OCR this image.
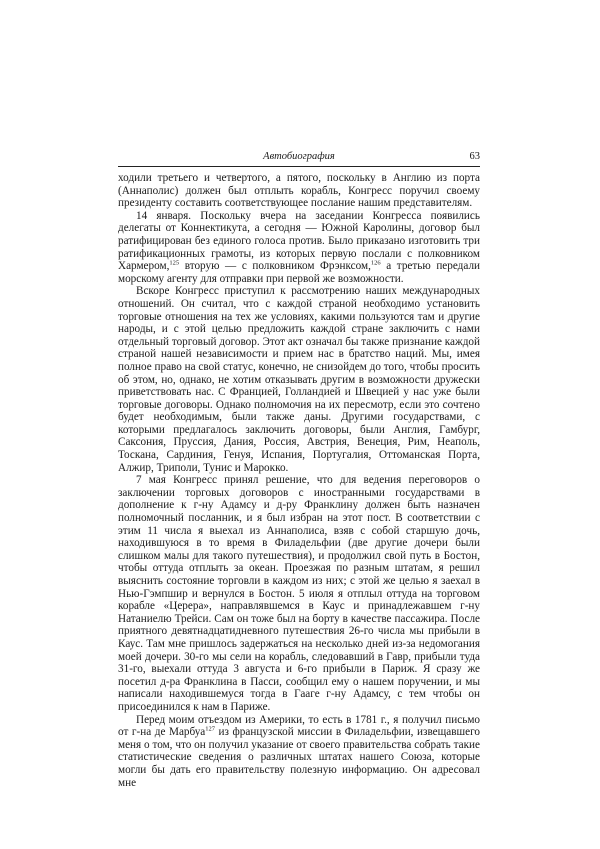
Автобиография	63

ходили третьего и четвертого, а пятого, поскольку в Англию из порта (Аннаполис) должен был отплыть корабль, Конгресс поручил своему президенту составить соответствующее послание нашим представителям.

14 января. Поскольку вчера на заседании Конгресса появились делегаты от Коннектикута, а сегодня — Южной Каролины, договор был ратифицирован без единого голоса против. Было приказано изготовить три ратификационных грамоты, из которых первую послали с полковником Хармером,$^{125}$ вторую — с полковником Фрэнксом,$^{126}$ а третью передали морскому агенту для отправки при первой же возможности.

Вскоре Конгресс приступил к рассмотрению наших международных отношений. Он считал, что с каждой страной необходимо установить торговые отношения на тех же условиях, какими пользуются там и другие народы, и с этой целью предложить каждой стране заключить с нами отдельный торговый договор. Этот акт означал бы также признание каждой страной нашей независимости и прием нас в братство наций. Мы, имея полное право на свой статус, конечно, не снизойдем до того, чтобы просить об этом, но, однако, не хотим отказывать другим в возможности дружески приветствовать нас. С Францией, Голландией и Швецией у нас уже были торговые договоры. Однако полномочия на их пересмотр, если это сочтено будет необходимым, были также даны. Другими государствами, с которыми предлагалось заключить договоры, были Англия, Гамбург, Саксония, Пруссия, Дания, Россия, Австрия, Венеция, Рим, Неаполь, Тоскана, Сардиния, Генуя, Испания, Португалия, Оттоманская Порта, Алжир, Триполи, Тунис и Марокко.

7 мая Конгресс принял решение, что для ведения переговоров о заключении торговых договоров с иностранными государствами в дополнение к г-ну Адамсу и д-ру Франклину должен быть назначен полномочный посланник, и я был избран на этот пост. В соответствии с этим 11 числа я выехал из Аннаполиса, взяв с собой старшую дочь, находившуюся в то время в Филадельфии (две другие дочери были слишком малы для такого путешествия), и продолжил свой путь в Бостон, чтобы оттуда отплыть за океан. Проезжая по разным штатам, я решил выяснить состояние торговли в каждом из них; с этой же целью я заехал в Нью-Гэмпшир и вернулся в Бостон. 5 июля я отплыл оттуда на торговом корабле «Церера», направлявшемся в Каус и принадлежавшем г-ну Натаниелю Трейси. Сам он тоже был на борту в качестве пассажира. После приятного девятнадцатидневного путешествия 26-го числа мы прибыли в Каус. Там мне пришлось задержаться на несколько дней из-за недомогания моей дочери. 30-го мы сели на корабль, следовавший в Гавр, прибыли туда 31-го, выехали оттуда 3 августа и 6-го прибыли в Париж. Я сразу же посетил д-ра Франклина в Пасси, сообщил ему о нашем поручении, и мы написали находившемуся тогда в Гааге г-ну Адамсу, с тем чтобы он присоединился к нам в Париже.

Перед моим отъездом из Америки, то есть в 1781 г., я получил письмо от г-на де Марбуа$^{127}$ из французской миссии в Филадельфии, извещавшего меня о том, что он получил указание от своего правительства собрать такие статистические сведения о различных штатах нашего Союза, которые могли бы дать его правительству полезную информацию. Он адресовал мне
